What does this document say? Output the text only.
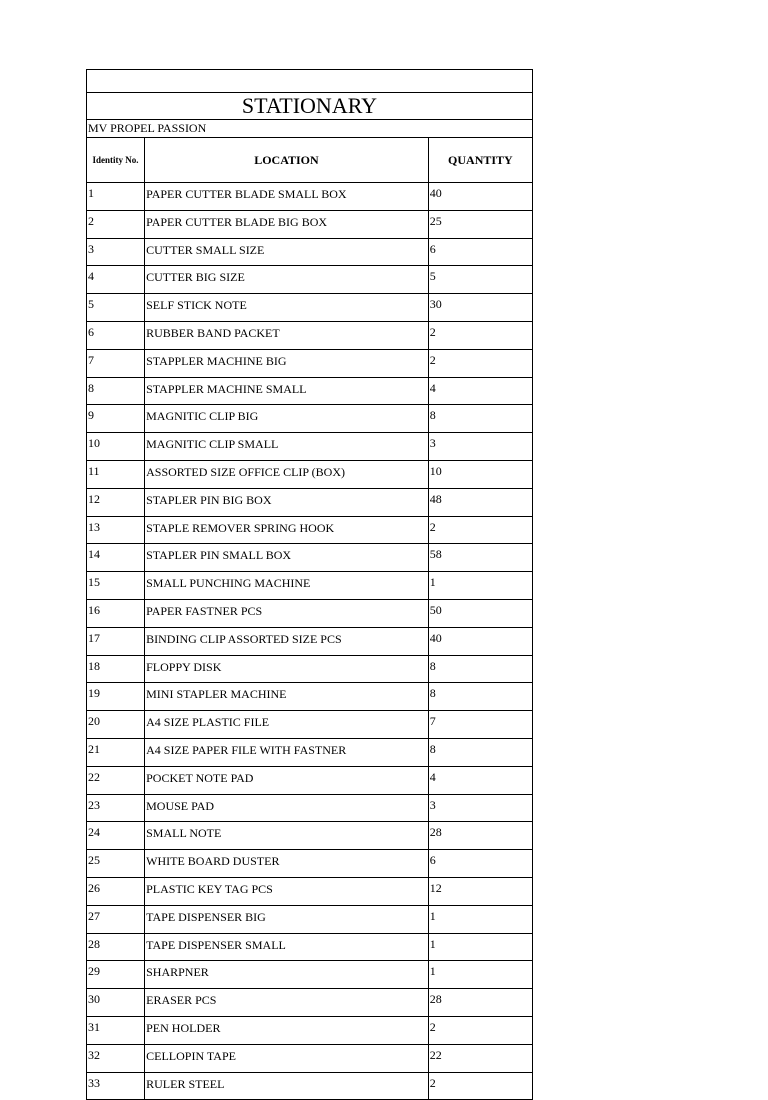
STATIONARY		
MV PROPEL PASSION		
Identity No.	LOCATION	QUANTITY
1	PAPER CUTTER BLADE SMALL BOX	40
2	PAPER CUTTER BLADE BIG BOX	25
3	CUTTER SMALL SIZE	6
4	CUTTER BIG SIZE	5
5	SELF STICK NOTE	30
6	RUBBER BAND PACKET	2
7	STAPPLER MACHINE BIG	2
8	STAPPLER MACHINE SMALL	4
9	MAGNITIC CLIP BIG	8
10	MAGNITIC CLIP SMALL	3
11	ASSORTED SIZE OFFICE CLIP (BOX)	10
12	STAPLER PIN BIG BOX	48
13	STAPLE REMOVER SPRING HOOK	2
14	STAPLER PIN SMALL BOX	58
15	SMALL PUNCHING MACHINE	1
16	PAPER FASTNER PCS	50
17	BINDING CLIP ASSORTED SIZE PCS	40
18	FLOPPY DISK	8
19	MINI STAPLER MACHINE	8
20	A4 SIZE PLASTIC FILE	7
21	A4 SIZE PAPER FILE WITH FASTNER	8
22	POCKET NOTE PAD	4
23	MOUSE PAD	3
24	SMALL NOTE	28
25	WHITE BOARD DUSTER	6
26	PLASTIC KEY TAG PCS	12
27	TAPE DISPENSER BIG	1
28	TAPE DISPENSER SMALL	1
29	SHARPNER	1
30	ERASER PCS	28
31	PEN HOLDER	2
32	CELLOPIN TAPE	22
33	RULER STEEL	2
